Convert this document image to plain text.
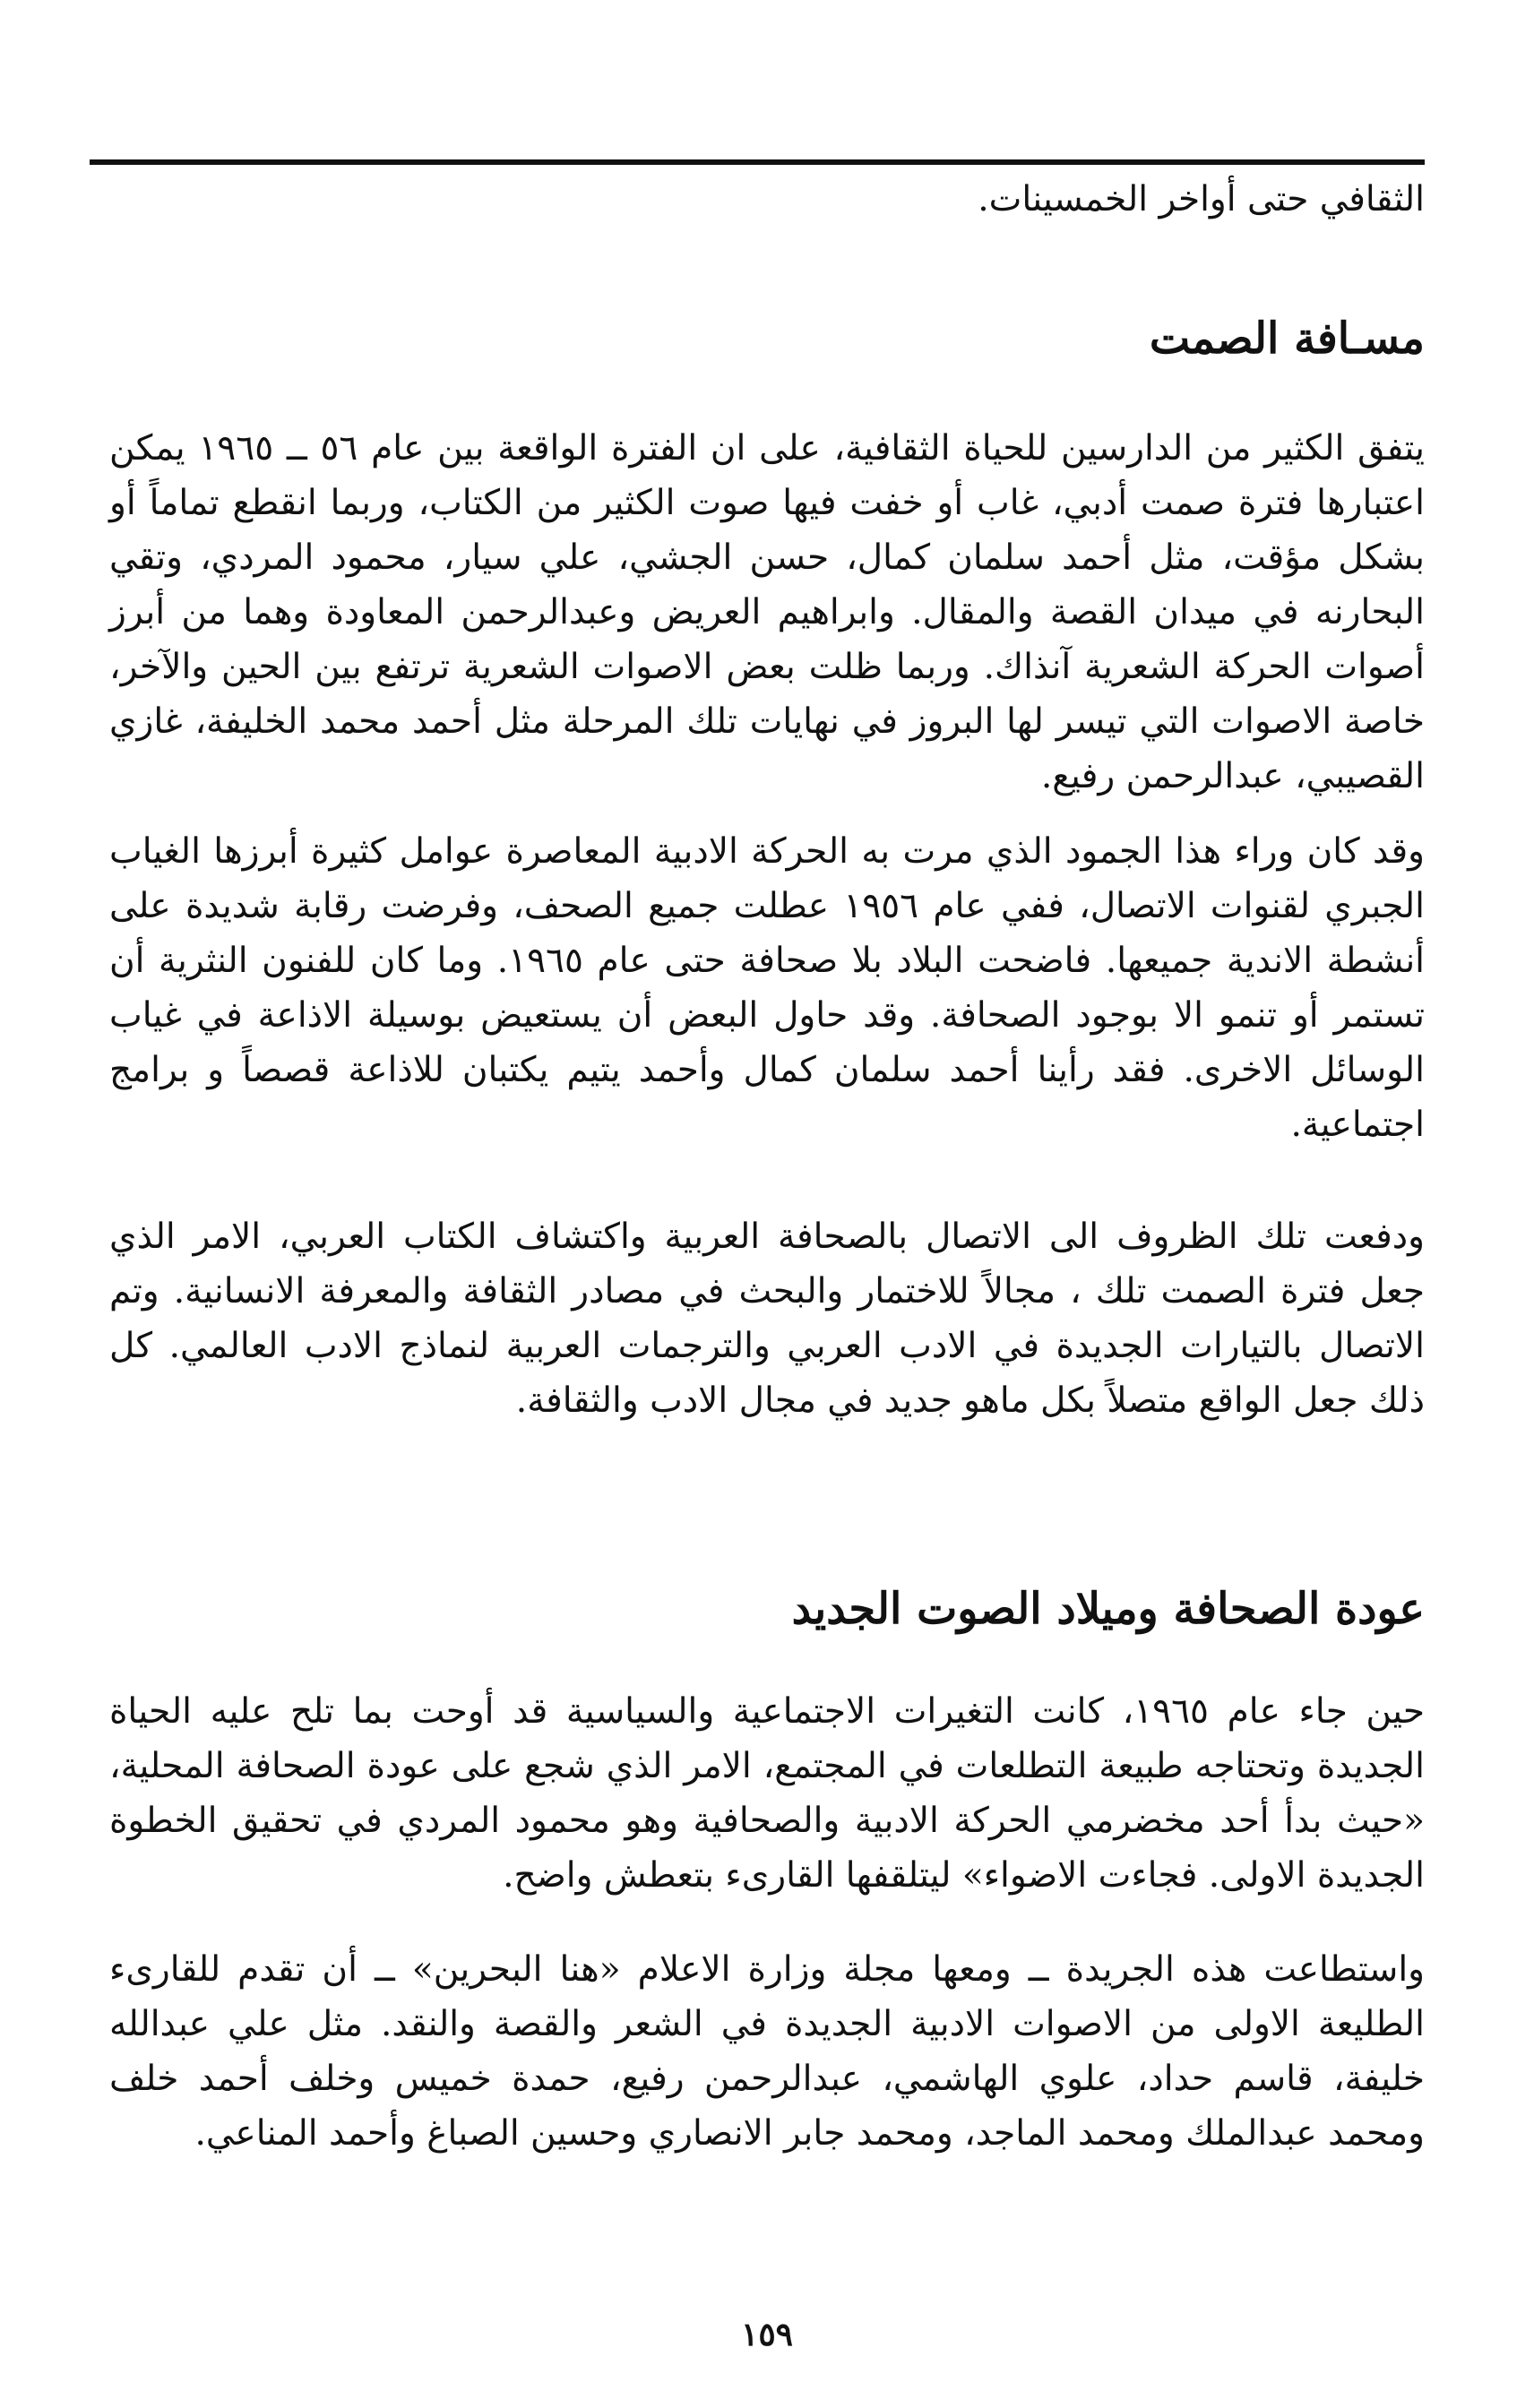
الثقافي حتى أواخر الخمسينات.

مسـافة الصمت

يتفق الكثير من الدارسين للحياة الثقافية، على ان الفترة الواقعة بين عام ٥٦ ــ ١٩٦٥ يمكن اعتبارها فترة صمت أدبي، غاب أو خفت فيها صوت الكثير من الكتاب، وربما انقطع تماماً أو بشكل مؤقت، مثل أحمد سلمان كمال، حسن الجشي، علي سيار، محمود المردي، وتقي البحارنه في ميدان القصة والمقال. وابراهيم العريض وعبدالرحمن المعاودة وهما من أبرز أصوات الحركة الشعرية آنذاك. وربما ظلت بعض الاصوات الشعرية ترتفع بين الحين والآخر، خاصة الاصوات التي تيسر لها البروز في نهايات تلك المرحلة مثل أحمد محمد الخليفة، غازي القصيبي، عبدالرحمن رفيع.

وقد كان وراء هذا الجمود الذي مرت به الحركة الادبية المعاصرة عوامل كثيرة أبرزها الغياب الجبري لقنوات الاتصال، ففي عام ١٩٥٦ عطلت جميع الصحف، وفرضت رقابة شديدة على أنشطة الاندية جميعها. فاضحت البلاد بلا صحافة حتى عام ١٩٦٥. وما كان للفنون النثرية أن تستمر أو تنمو الا بوجود الصحافة. وقد حاول البعض أن يستعيض بوسيلة الاذاعة في غياب الوسائل الاخرى. فقد رأينا أحمد سلمان كمال وأحمد يتيم يكتبان للاذاعة قصصاً و برامج اجتماعية.

ودفعت تلك الظروف الى الاتصال بالصحافة العربية واكتشاف الكتاب العربي، الامر الذي جعل فترة الصمت تلك ، مجالاً للاختمار والبحث في مصادر الثقافة والمعرفة الانسانية. وتم الاتصال بالتيارات الجديدة في الادب العربي والترجمات العربية لنماذج الادب العالمي. كل ذلك جعل الواقع متصلاً بكل ماهو جديد في مجال الادب والثقافة.

عودة الصحافة وميلاد الصوت الجديد

حين جاء عام ١٩٦٥، كانت التغيرات الاجتماعية والسياسية قد أوحت بما تلح عليه الحياة الجديدة وتحتاجه طبيعة التطلعات في المجتمع، الامر الذي شجع على عودة الصحافة المحلية، «حيث بدأ أحد مخضرمي الحركة الادبية والصحافية وهو محمود المردي في تحقيق الخطوة الجديدة الاولى. فجاءت الاضواء» ليتلقفها القارىء بتعطش واضح.

واستطاعت هذه الجريدة ــ ومعها مجلة وزارة الاعلام «هنا البحرين» ــ أن تقدم للقارىء الطليعة الاولى من الاصوات الادبية الجديدة في الشعر والقصة والنقد. مثل علي عبدالله خليفة، قاسم حداد، علوي الهاشمي، عبدالرحمن رفيع، حمدة خميس وخلف أحمد خلف ومحمد عبدالملك ومحمد الماجد، ومحمد جابر الانصاري وحسين الصباغ وأحمد المناعي.

١٥٩
